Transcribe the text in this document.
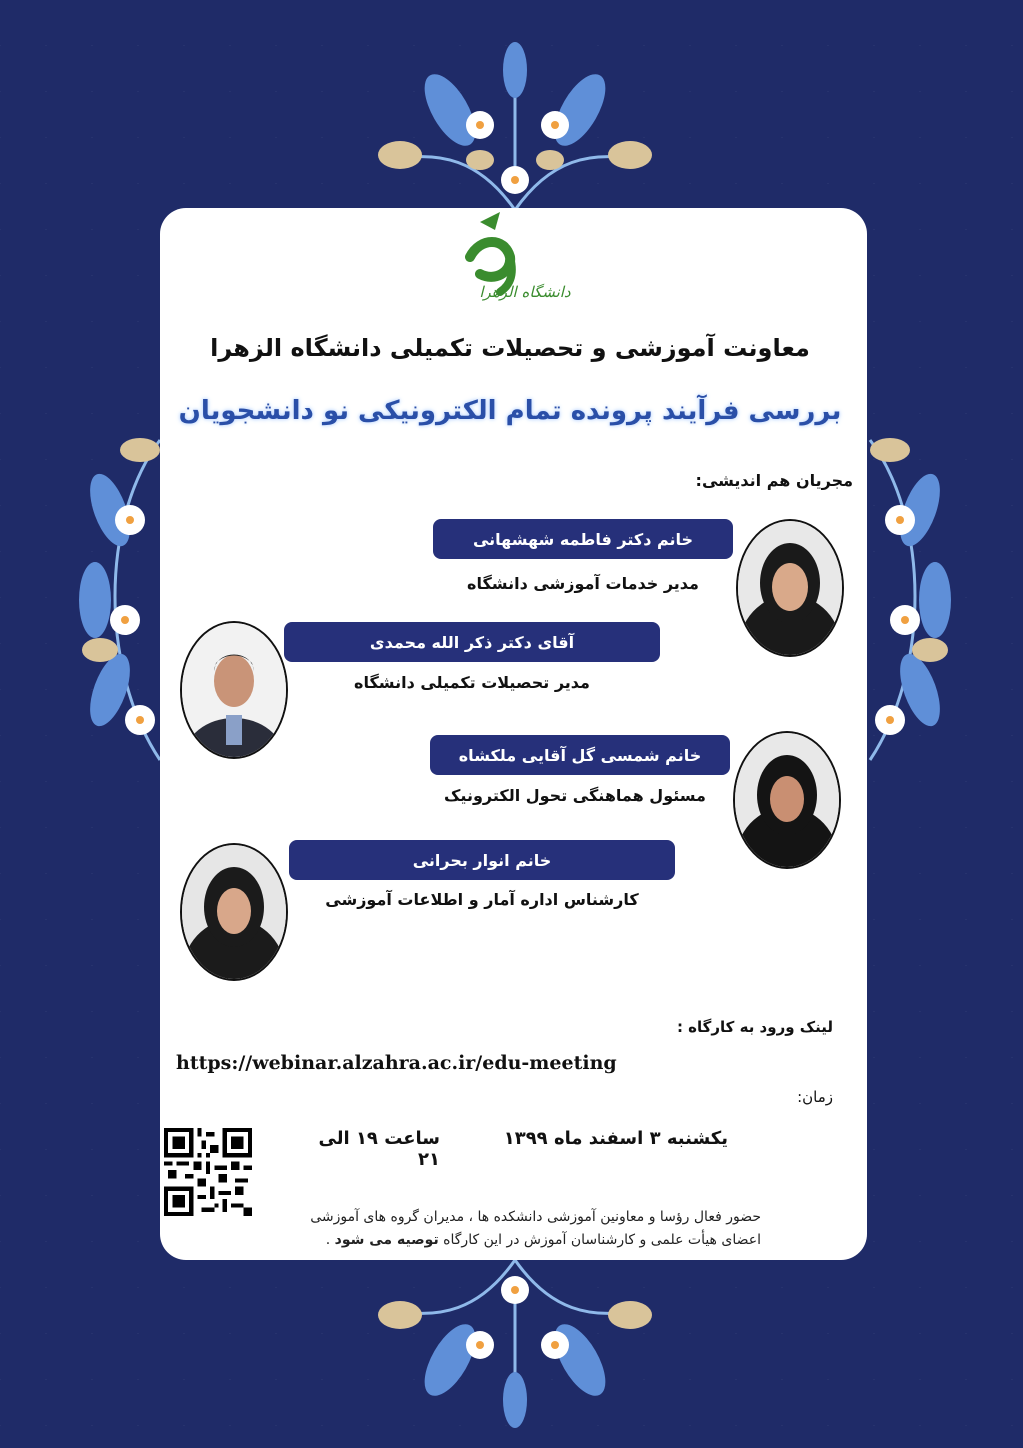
دانشگاه الزهرا
معاونت آموزشی و تحصیلات تکمیلی دانشگاه الزهرا
بررسی فرآیند پرونده تمام الکترونیکی نو دانشجویان
مجریان هم اندیشی:
خانم دکتر فاطمه شهشهانی
مدیر خدمات آموزشی دانشگاه
آقای دکتر ذکر الله محمدی
مدیر تحصیلات تکمیلی دانشگاه
خانم شمسی گل آقایی ملکشاه
مسئول هماهنگی تحول الکترونیک
خانم انوار بحرانی
کارشناس اداره آمار و اطلاعات آموزشی
لینک ورود به کارگاه :
https://webinar.alzahra.ac.ir/edu-meeting
زمان:
یکشنبه ۳ اسفند ماه ۱۳۹۹
ساعت ۱۹ الی ۲۱
حضور فعال رؤسا و معاونین آموزشی دانشکده ها ، مدیران گروه های آموزشی
اعضای هیأت علمی و کارشناسان آموزش در این کارگاه توصیه می شود .
